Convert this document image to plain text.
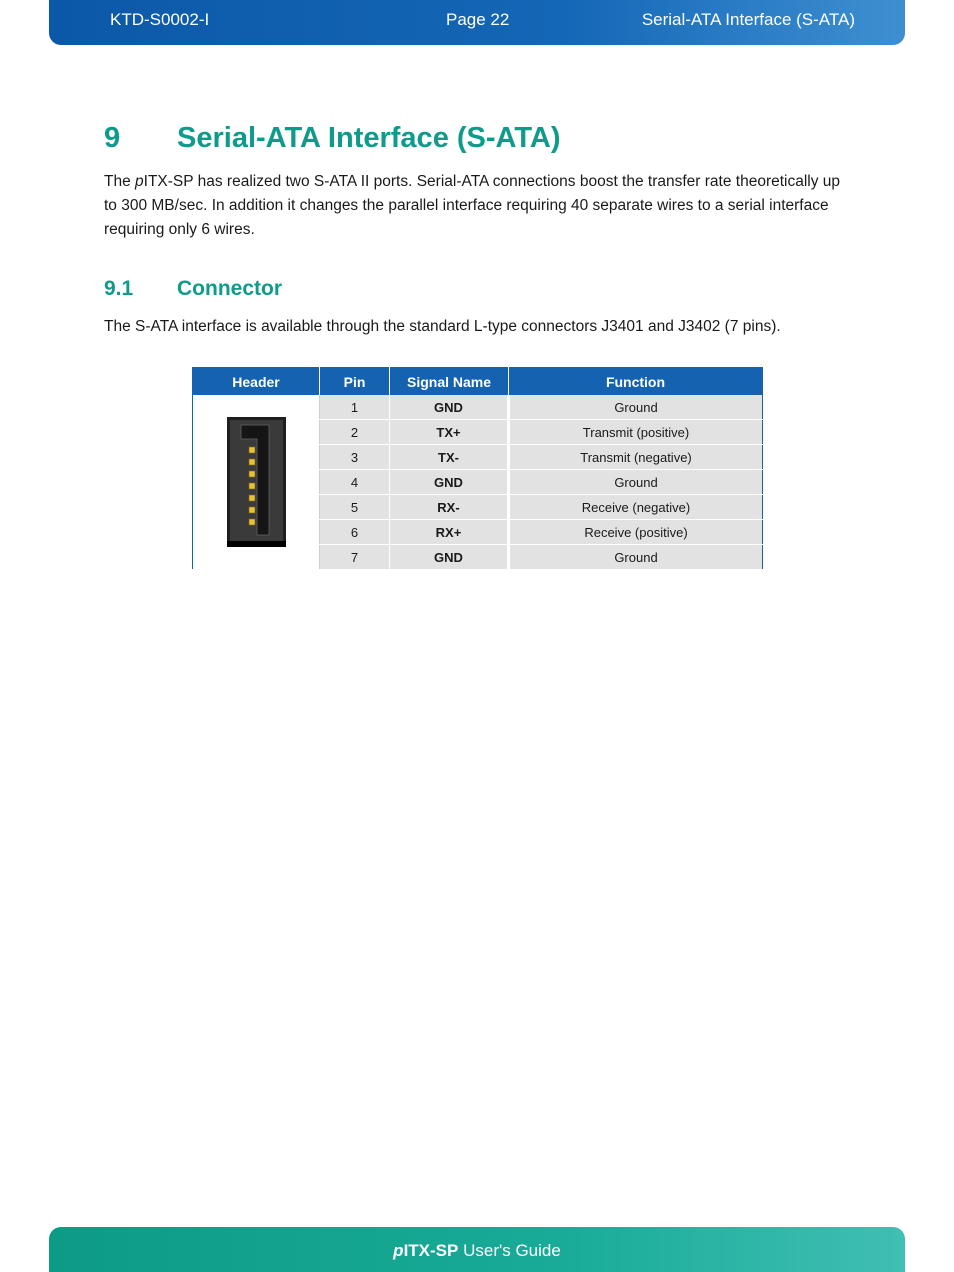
KTD-S0002-I	Page 22	Serial-ATA Interface (S-ATA)
9 Serial-ATA Interface (S-ATA)
The pITX-SP has realized two S-ATA II ports. Serial-ATA connections boost the transfer rate theoretically up to 300 MB/sec. In addition it changes the parallel interface requiring 40 separate wires to a serial interface requiring only 6 wires.
9.1 Connector
The S-ATA interface is available through the standard L-type connectors J3401 and J3402 (7 pins).
Header	Pin	Signal Name	Function

	1	GND	Ground
	2	TX+	Transmit (positive)
	3	TX-	Transmit (negative)
	4	GND	Ground
	5	RX-	Receive (negative)
	6	RX+	Receive (positive)
	7	GND	Ground
pITX-SP User's Guide
